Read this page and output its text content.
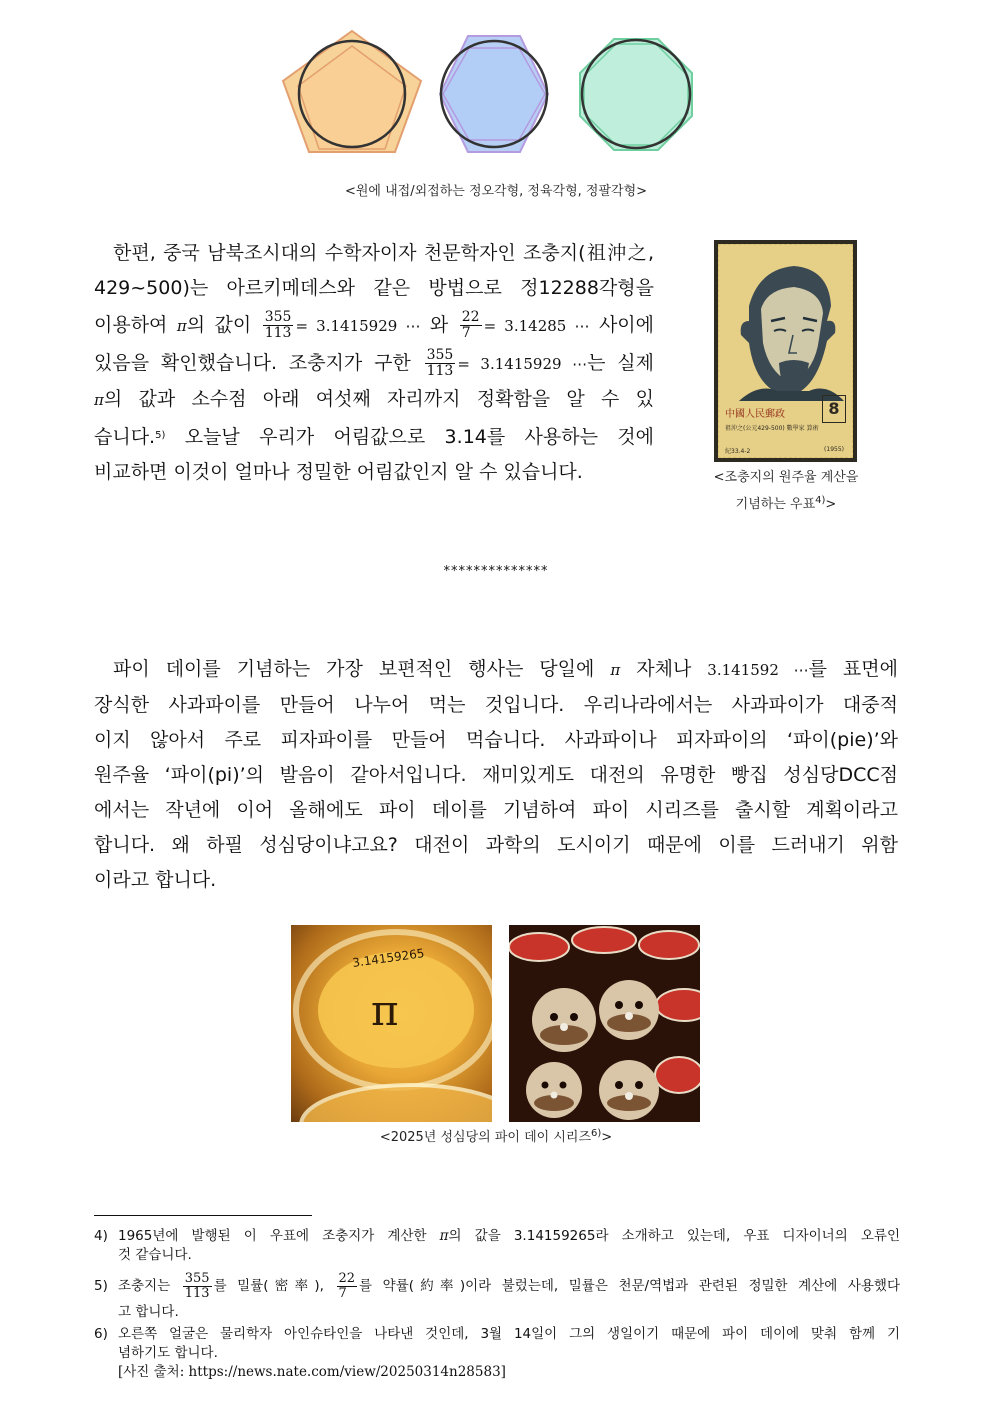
<원에 내접/외접하는 정오각형, 정육각형, 정팔각형>
한편, 중국 남북조시대의 수학자이자 천문학자인 조충지(祖沖之,
429~500)는 아르키메데스와 같은 방법으로 정12288각형을
이용하여 π의 값이 $\frac{355}{113} = 3.1415929$ ⋯ 와 $\frac{22}{7} = 3.14285$ ⋯ 사이에
있음을 확인했습니다. 조충지가 구한 $\frac{355}{113} = 3.1415929$ ⋯는 실제
π의 값과 소수점 아래 여섯째 자리까지 정확함을 알 수 있
습니다.$^{5)}$ 오늘날 우리가 어림값으로 3.14를 사용하는 것에
비교하면 이것이 얼마나 정밀한 어림값인지 알 수 있습니다.
中國人民郵政	8
祖沖之(公元429-500) 數學家 算術
紀33.4-2	(1955)
<조충지의 원주율 계산을
기념하는 우표$^{4)}$>
**************
파이 데이를 기념하는 가장 보편적인 행사는 당일에 π 자체나 3.141592 ⋯를 표면에
장식한 사과파이를 만들어 나누어 먹는 것입니다. 우리나라에서는 사과파이가 대중적
이지 않아서 주로 피자파이를 만들어 먹습니다. 사과파이나 피자파이의 ‘파이(pie)’와
원주율 ‘파이(pi)’의 발음이 같아서입니다. 재미있게도 대전의 유명한 빵집 성심당DCC점
에서는 작년에 이어 올해에도 파이 데이를 기념하여 파이 시리즈를 출시할 계획이라고
합니다. 왜 하필 성심당이냐고요? 대전이 과학의 도시이기 때문에 이를 드러내기 위함
이라고 합니다.
π
3.14159265
<2025년 성심당의 파이 데이 시리즈$^{6)}$>
4) 1965년에 발행된 이 우표에 조충지가 계산한 π의 값을 3.14159265라 소개하고 있는데, 우표 디자이너의 오류인
것 같습니다.
5) 조충지는 $\frac{355}{113}$ 를 밀률(密率), $\frac{22}{7}$ 를 약률(約率)이라 불렀는데, 밀률은 천문/역법과 관련된 정밀한 계산에 사용했다
고 합니다.
6) 오른쪽 얼굴은 물리학자 아인슈타인을 나타낸 것인데, 3월 14일이 그의 생일이기 때문에 파이 데이에 맞춰 함께 기
념하기도 합니다.
[사진 출처: https://news.nate.com/view/20250314n28583]
